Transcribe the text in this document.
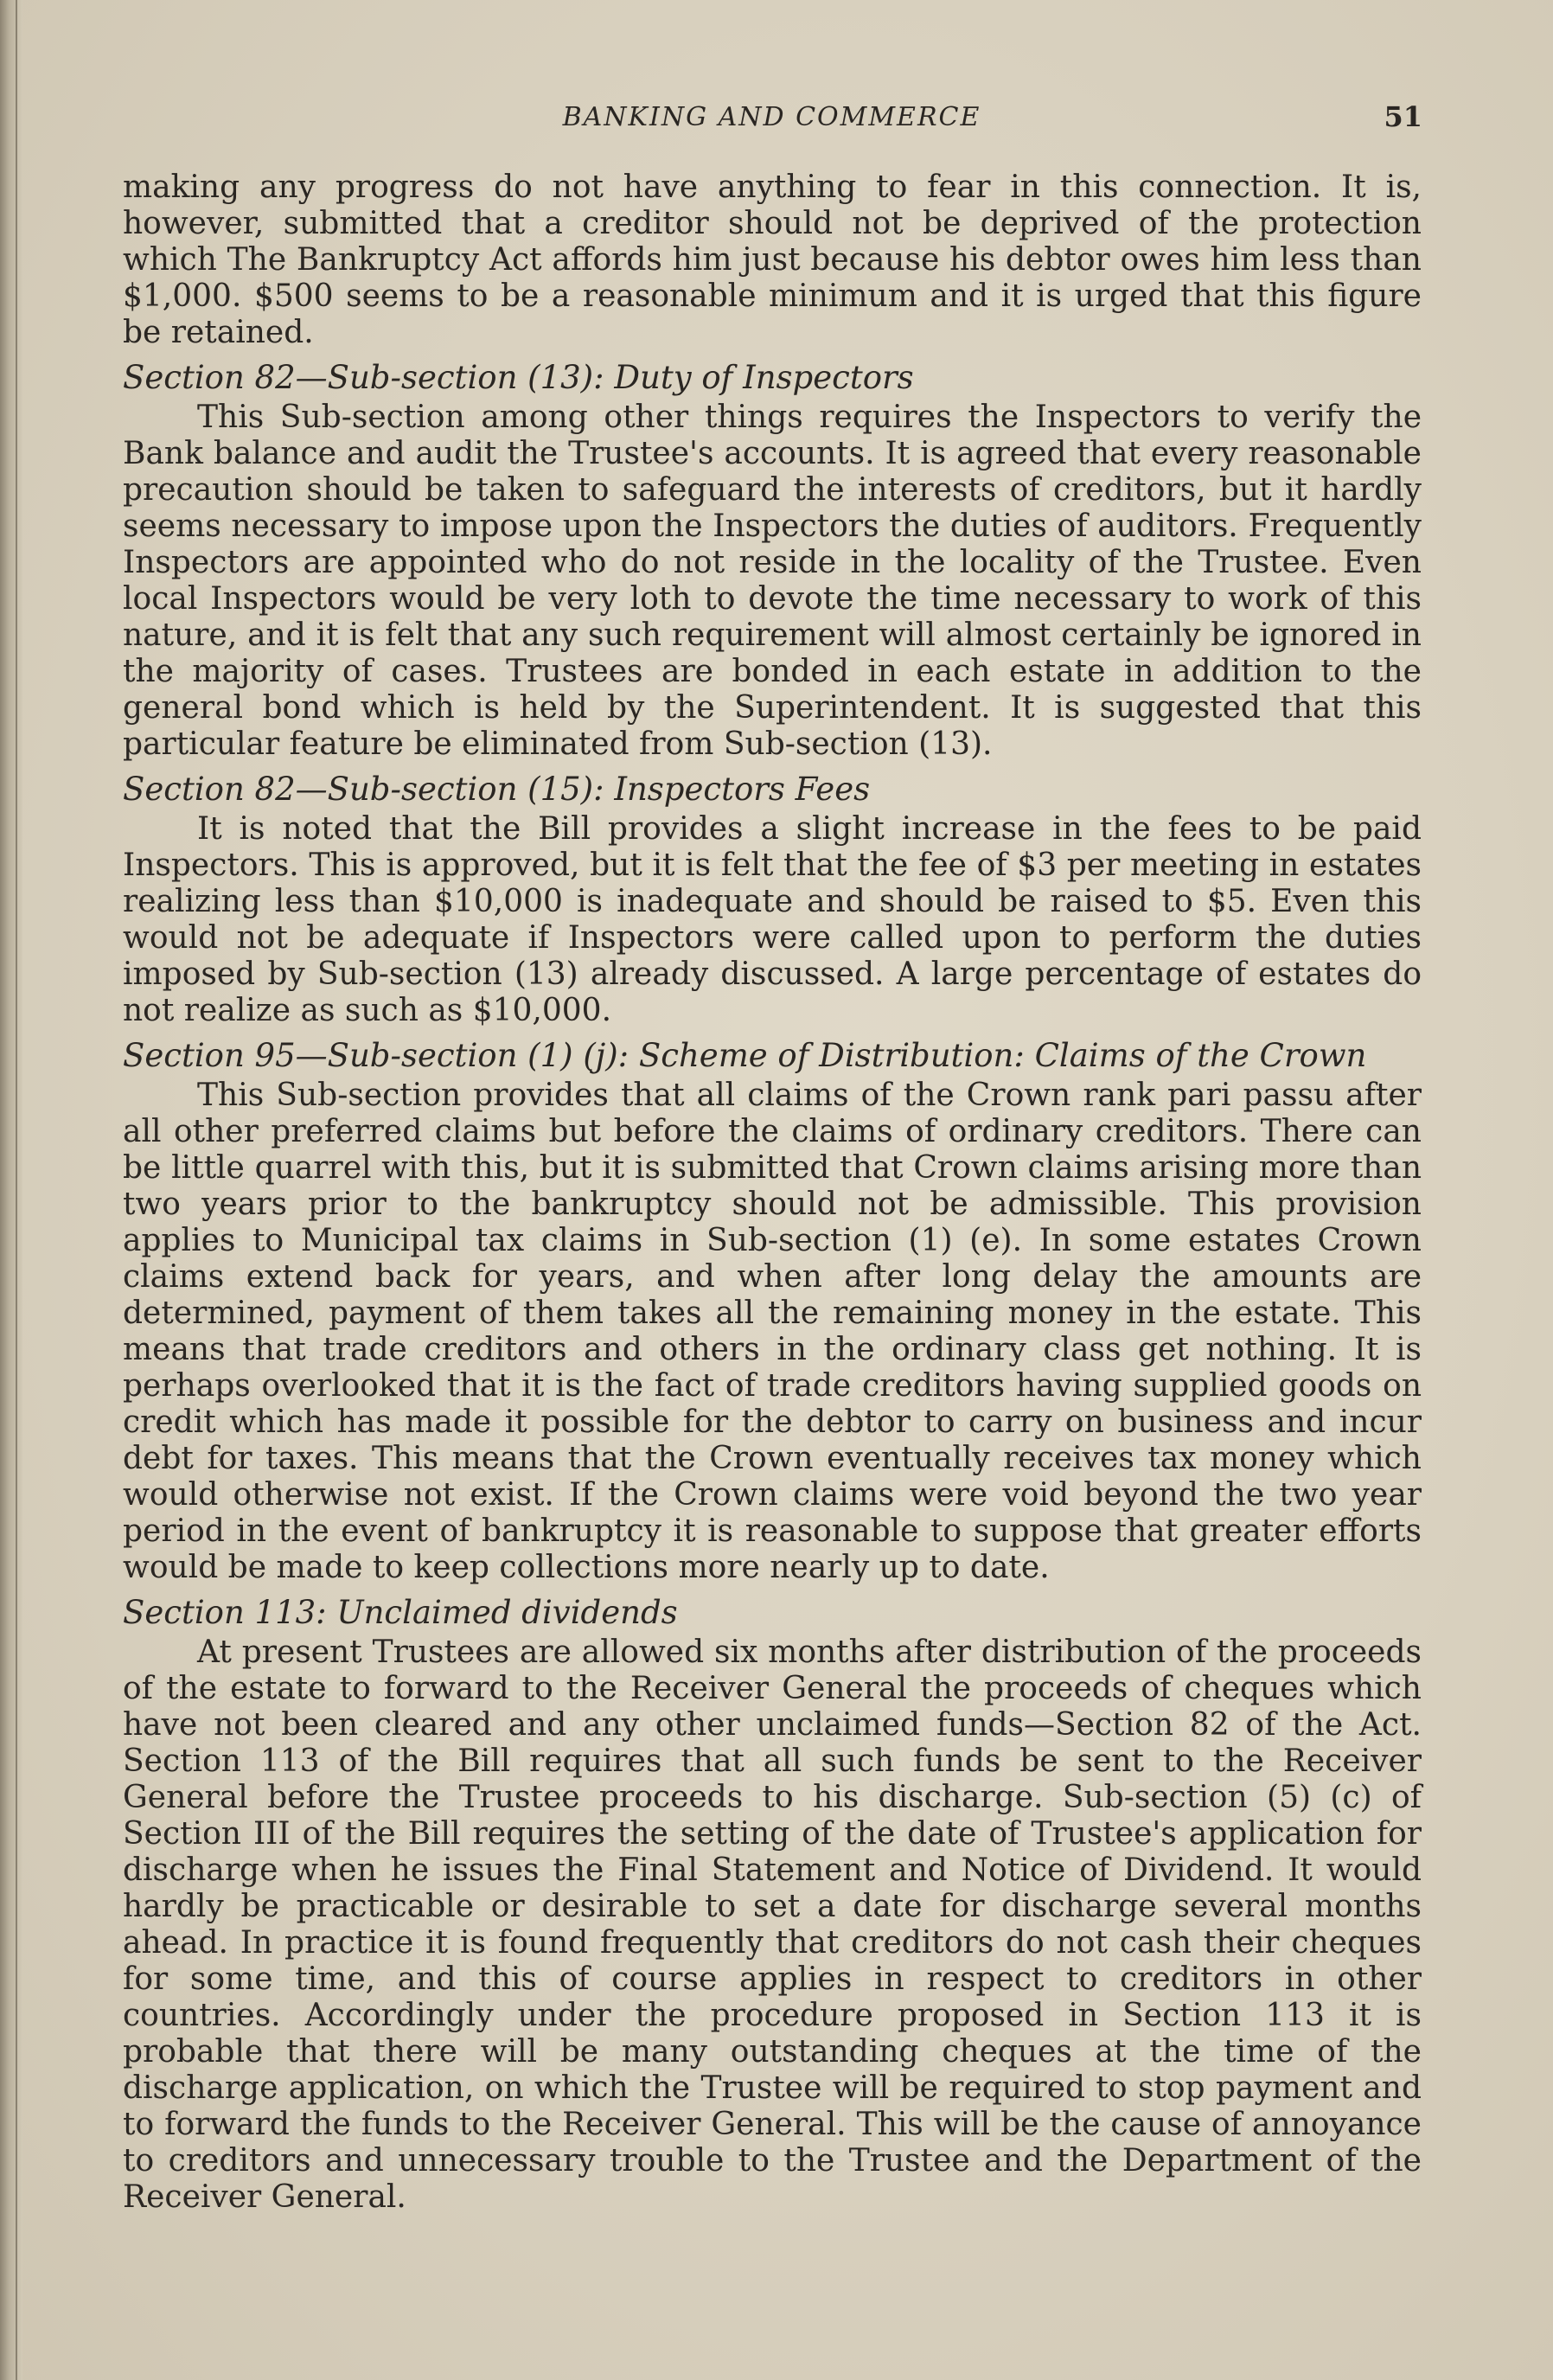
BANKING AND COMMERCE	51

making any progress do not have anything to fear in this connection. It is, however, submitted that a creditor should not be deprived of the protection which The Bankruptcy Act affords him just because his debtor owes him less than $1,000. $500 seems to be a reasonable minimum and it is urged that this figure be retained.

Section 82—Sub-section (13): Duty of Inspectors

This Sub-section among other things requires the Inspectors to verify the Bank balance and audit the Trustee's accounts. It is agreed that every reasonable precaution should be taken to safeguard the interests of creditors, but it hardly seems necessary to impose upon the Inspectors the duties of auditors. Frequently Inspectors are appointed who do not reside in the locality of the Trustee. Even local Inspectors would be very loth to devote the time necessary to work of this nature, and it is felt that any such requirement will almost certainly be ignored in the majority of cases. Trustees are bonded in each estate in addition to the general bond which is held by the Superintendent. It is suggested that this particular feature be eliminated from Sub-section (13).

Section 82—Sub-section (15): Inspectors Fees

It is noted that the Bill provides a slight increase in the fees to be paid Inspectors. This is approved, but it is felt that the fee of $3 per meeting in estates realizing less than $10,000 is inadequate and should be raised to $5. Even this would not be adequate if Inspectors were called upon to perform the duties imposed by Sub-section (13) already discussed. A large percentage of estates do not realize as such as $10,000.

Section 95—Sub-section (1) (j): Scheme of Distribution: Claims of the Crown

This Sub-section provides that all claims of the Crown rank pari passu after all other preferred claims but before the claims of ordinary creditors. There can be little quarrel with this, but it is submitted that Crown claims arising more than two years prior to the bankruptcy should not be admissible. This provision applies to Municipal tax claims in Sub-section (1) (e). In some estates Crown claims extend back for years, and when after long delay the amounts are determined, payment of them takes all the remaining money in the estate. This means that trade creditors and others in the ordinary class get nothing. It is perhaps overlooked that it is the fact of trade creditors having supplied goods on credit which has made it possible for the debtor to carry on business and incur debt for taxes. This means that the Crown eventually receives tax money which would otherwise not exist. If the Crown claims were void beyond the two year period in the event of bankruptcy it is reasonable to suppose that greater efforts would be made to keep collections more nearly up to date.

Section 113: Unclaimed dividends

At present Trustees are allowed six months after distribution of the proceeds of the estate to forward to the Receiver General the proceeds of cheques which have not been cleared and any other unclaimed funds—Section 82 of the Act. Section 113 of the Bill requires that all such funds be sent to the Receiver General before the Trustee proceeds to his discharge. Sub-section (5) (c) of Section III of the Bill requires the setting of the date of Trustee's application for discharge when he issues the Final Statement and Notice of Dividend. It would hardly be practicable or desirable to set a date for discharge several months ahead. In practice it is found frequently that creditors do not cash their cheques for some time, and this of course applies in respect to creditors in other countries. Accordingly under the procedure proposed in Section 113 it is probable that there will be many outstanding cheques at the time of the discharge application, on which the Trustee will be required to stop payment and to forward the funds to the Receiver General. This will be the cause of annoyance to creditors and unnecessary trouble to the Trustee and the Department of the Receiver General.
